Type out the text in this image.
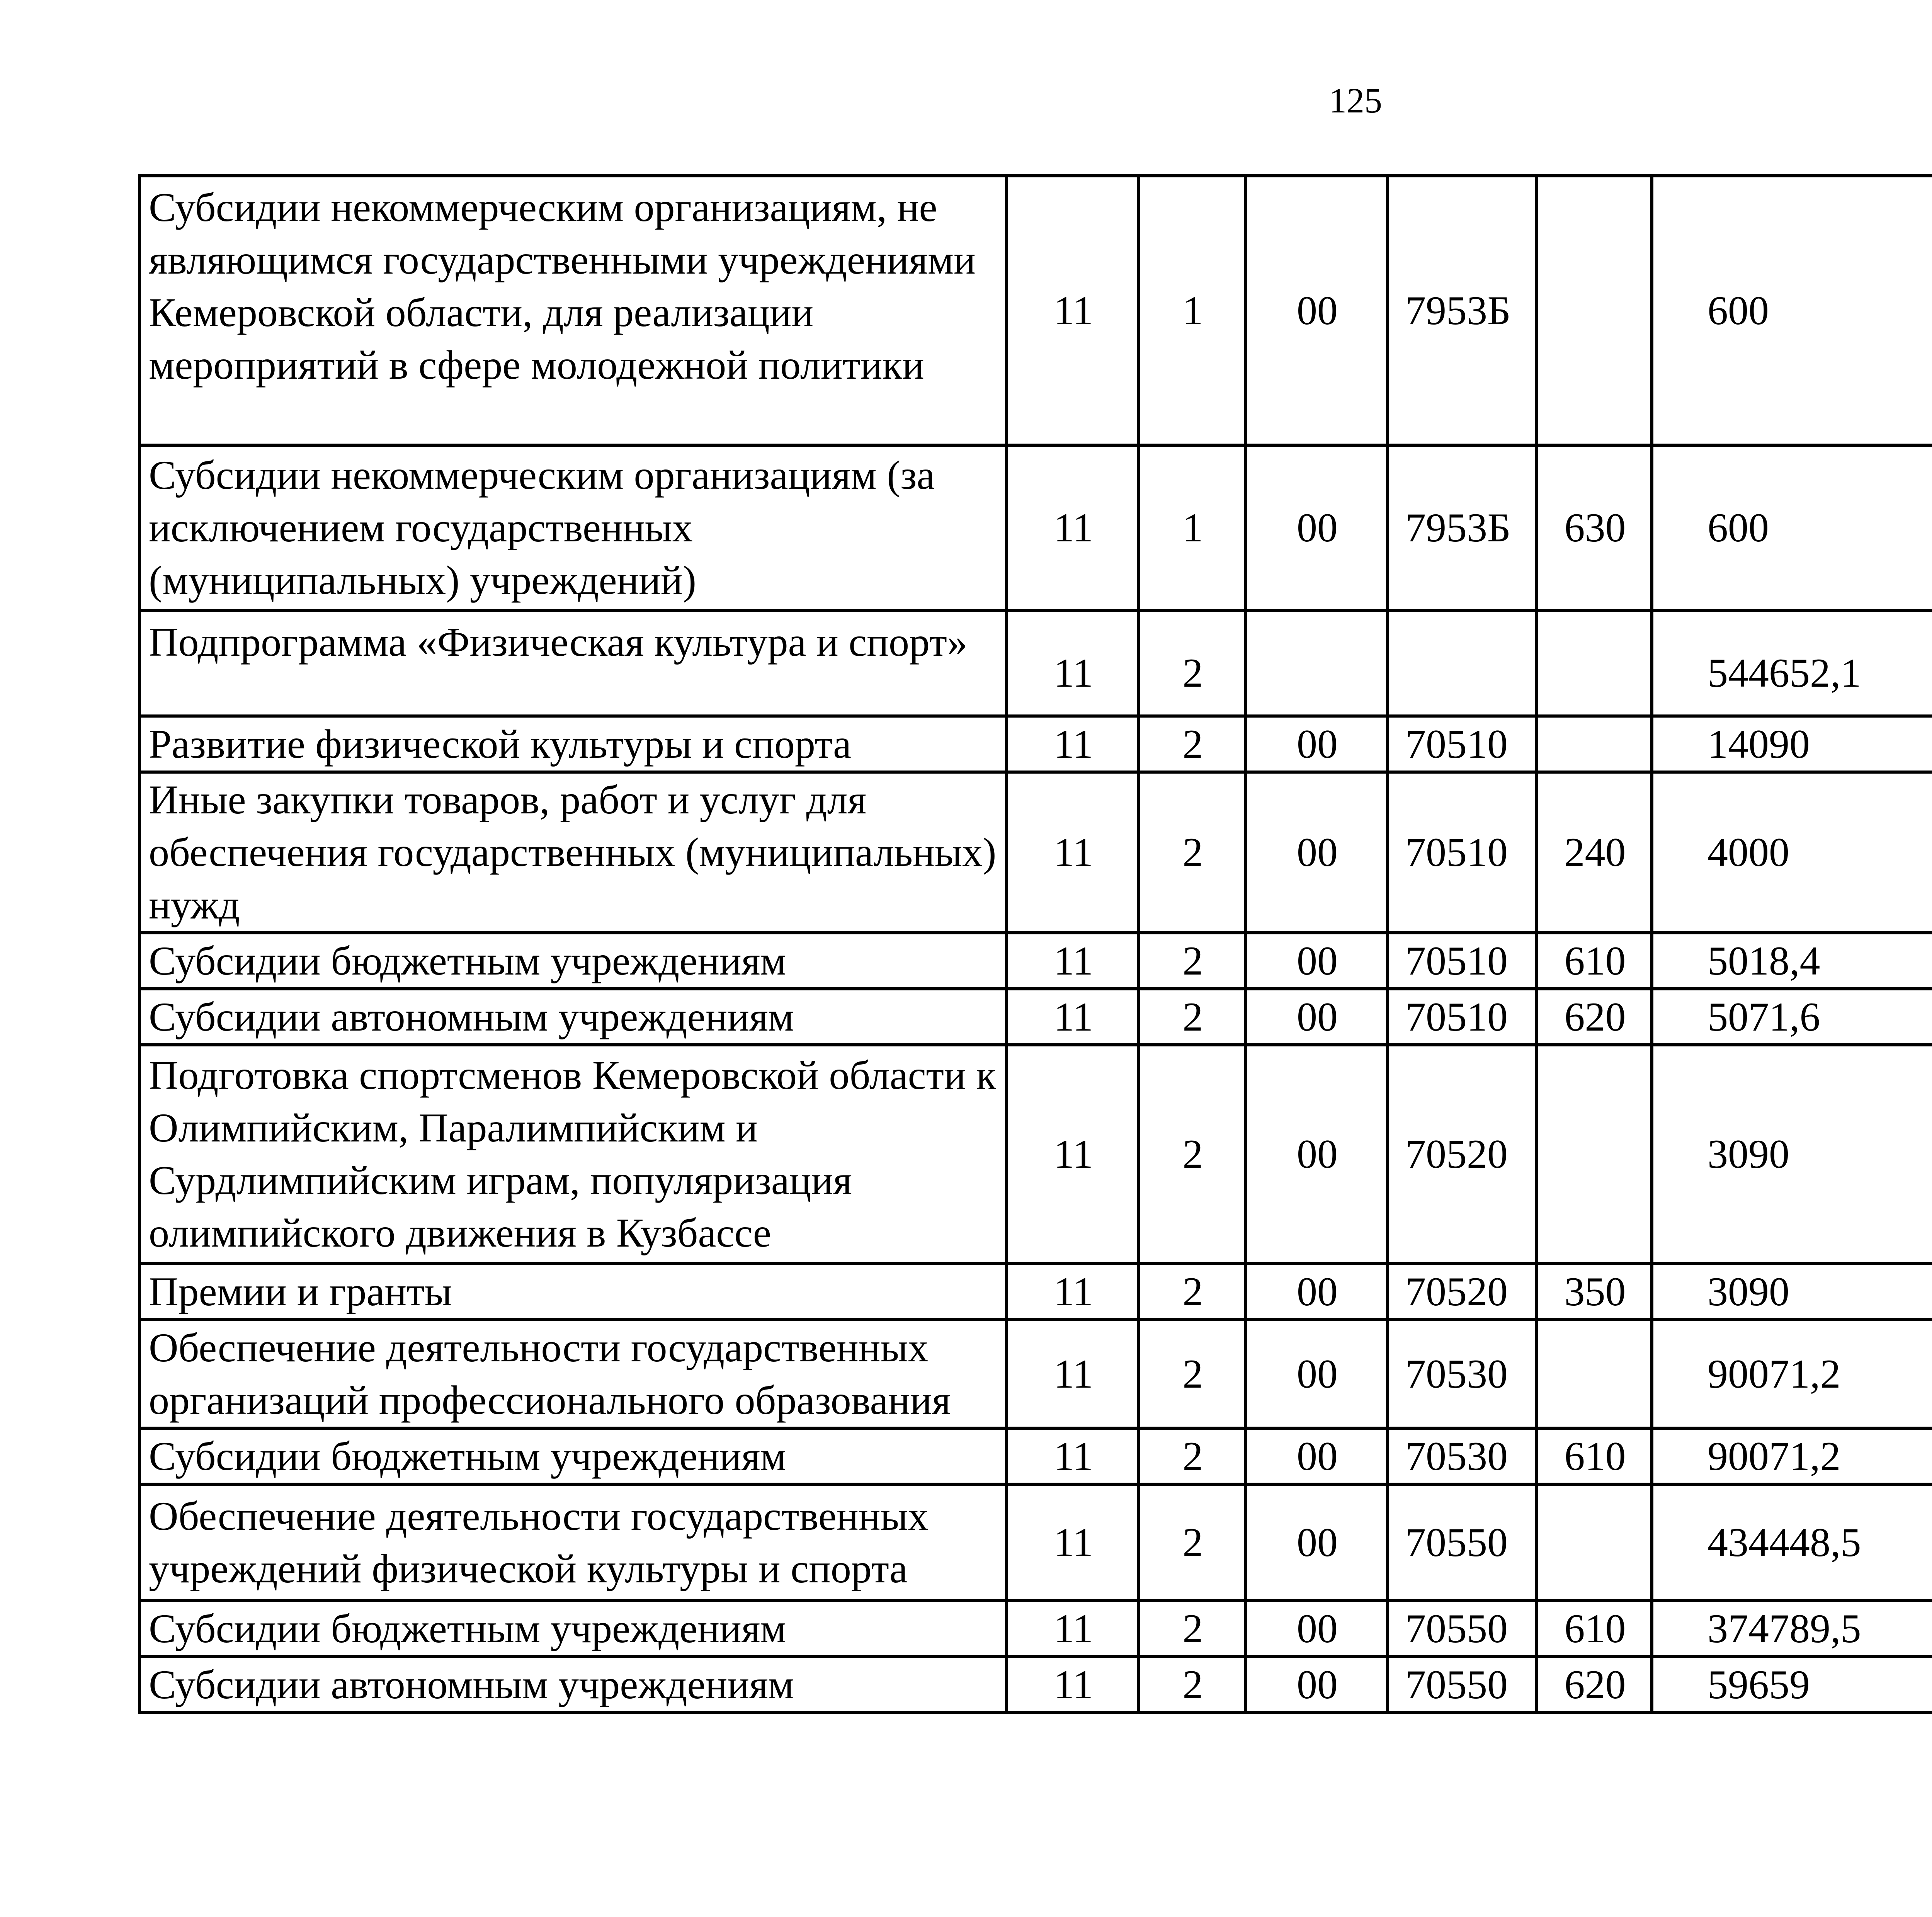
125
Субсидии некоммерческим организациям, не являющимся государственными учреждениями Кемеровской области, для реализации мероприятий в сфере молодежной политики	11	1	00	7953Б		600		
Субсидии некоммерческим организациям (за исключением государственных (муниципальных) учреждений)	11	1	00	7953Б	630	600		
Подпрограмма «Физическая культура и спорт»	11	2				544652,1		
Развитие физической культуры и спорта	11	2	00	70510		14090		
Иные закупки товаров, работ и услуг для обеспечения государственных (муниципальных) нужд	11	2	00	70510	240	4000		
Субсидии бюджетным учреждениям	11	2	00	70510	610	5018,4		
Субсидии автономным учреждениям	11	2	00	70510	620	5071,6		
Подготовка спортсменов Кемеровской области к Олимпийским, Паралимпийским и Сурдлимпийским играм, популяризация олимпийского движения в Кузбассе	11	2	00	70520		3090		
Премии и гранты	11	2	00	70520	350	3090		
Обеспечение деятельности государственных организаций профессионального образования	11	2	00	70530		90071,2		
Субсидии бюджетным учреждениям	11	2	00	70530	610	90071,2		
Обеспечение деятельности государственных учреждений физической культуры и спорта	11	2	00	70550		434448,5		
Субсидии бюджетным учреждениям	11	2	00	70550	610	374789,5		
Субсидии автономным учреждениям	11	2	00	70550	620	59659		
